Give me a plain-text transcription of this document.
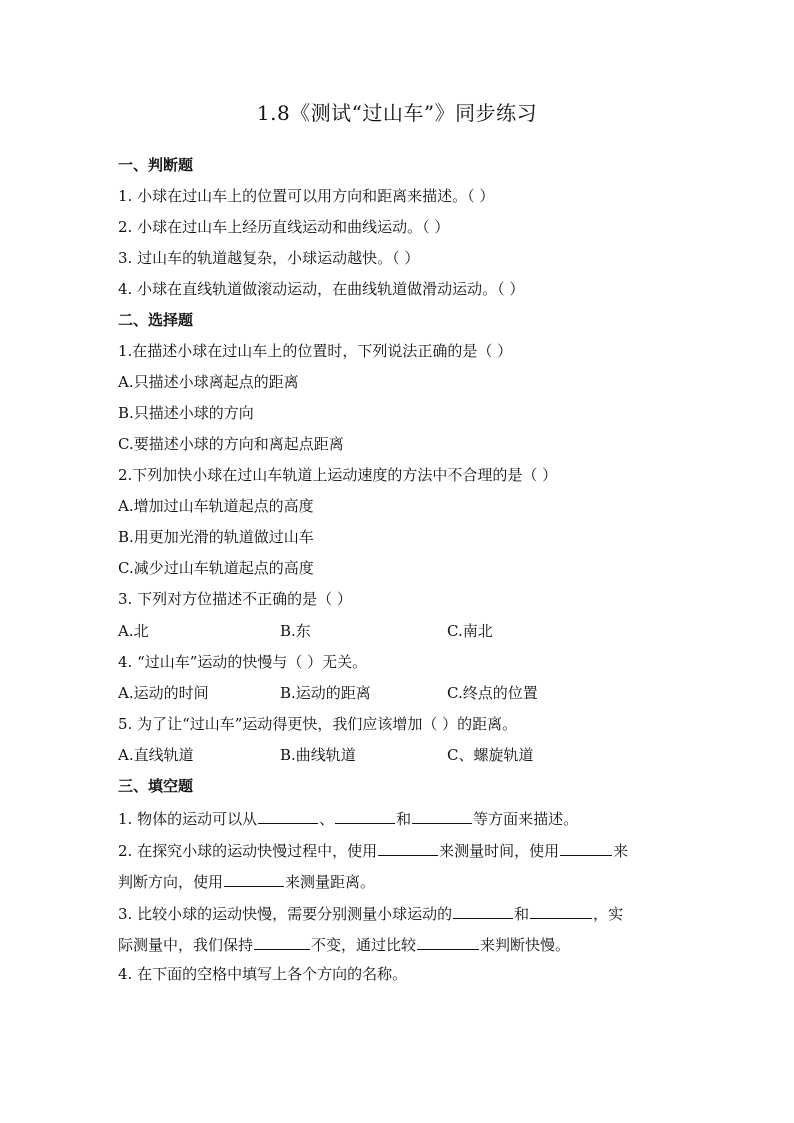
1.8《测试“过山车”》同步练习
一、判断题
1. 小球在过山车上的位置可以用方向和距离来描述。（ ）
2. 小球在过山车上经历直线运动和曲线运动。（ ）
3. 过山车的轨道越复杂，小球运动越快。（ ）
4. 小球在直线轨道做滚动运动，在曲线轨道做滑动运动。（ ）
二、选择题
1.在描述小球在过山车上的位置时，下列说法正确的是（ ）
A.只描述小球离起点的距离
B.只描述小球的方向
C.要描述小球的方向和离起点距离
2.下列加快小球在过山车轨道上运动速度的方法中不合理的是（ ）
A.增加过山车轨道起点的高度
B.用更加光滑的轨道做过山车
C.减少过山车轨道起点的高度
3. 下列对方位描述不正确的是（ ）
A.北	B.东	C.南北
4. “过山车”运动的快慢与（ ）无关。
A.运动的时间	B.运动的距离	C.终点的位置
5. 为了让“过山车”运动得更快，我们应该增加（ ）的距离。
A.直线轨道	B.曲线轨道	C、螺旋轨道
三、填空题
1. 物体的运动可以从	、	和	等方面来描述。
2. 在探究小球的运动快慢过程中，使用	来测量时间，使用	来
判断方向，使用	来测量距离。
3. 比较小球的运动快慢，需要分别测量小球运动的	和	，实
际测量中，我们保持	不变，通过比较	来判断快慢。
4. 在下面的空格中填写上各个方向的名称。
